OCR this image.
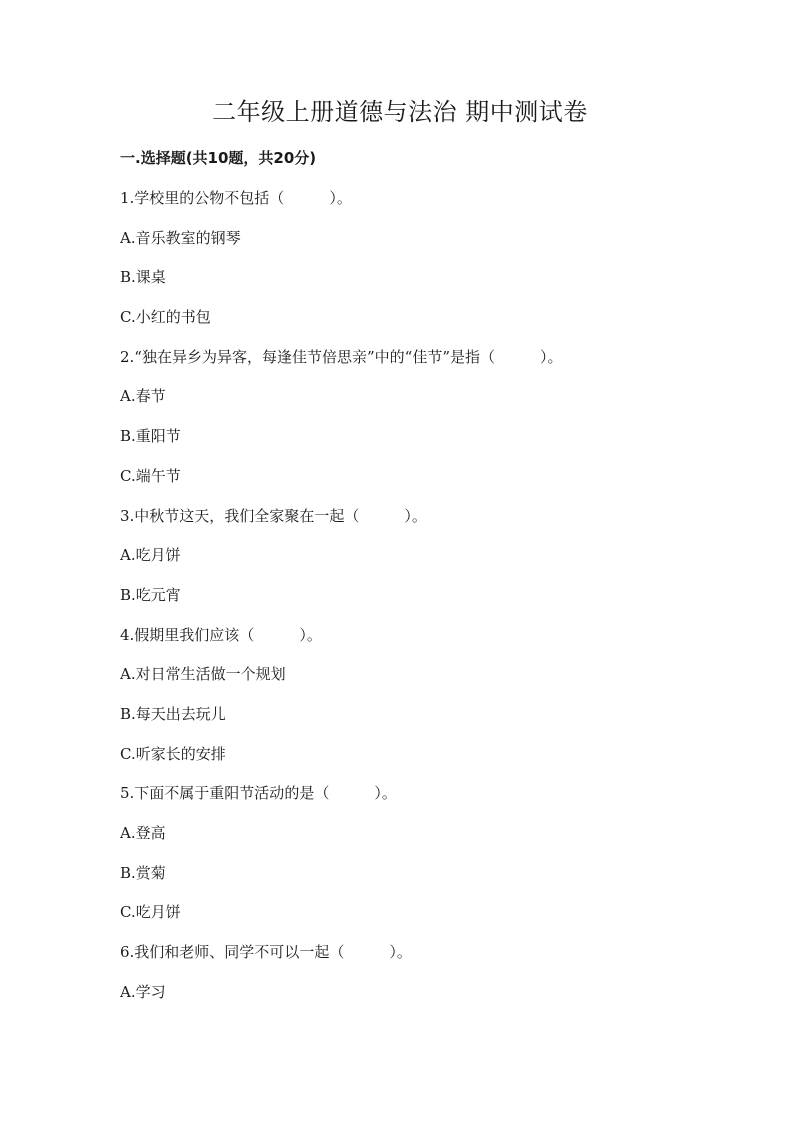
二年级上册道德与法治 期中测试卷
一.选择题(共10题，共20分)
1.学校里的公物不包括（　　　）。
A.音乐教室的钢琴
B.课桌
C.小红的书包
2.“独在异乡为异客，每逢佳节倍思亲”中的“佳节”是指（　　　）。
A.春节
B.重阳节
C.端午节
3.中秋节这天，我们全家聚在一起（　　　）。
A.吃月饼
B.吃元宵
4.假期里我们应该（　　　）。
A.对日常生活做一个规划
B.每天出去玩儿
C.听家长的安排
5.下面不属于重阳节活动的是（　　　）。
A.登高
B.赏菊
C.吃月饼
6.我们和老师、同学不可以一起（　　　）。
A.学习
